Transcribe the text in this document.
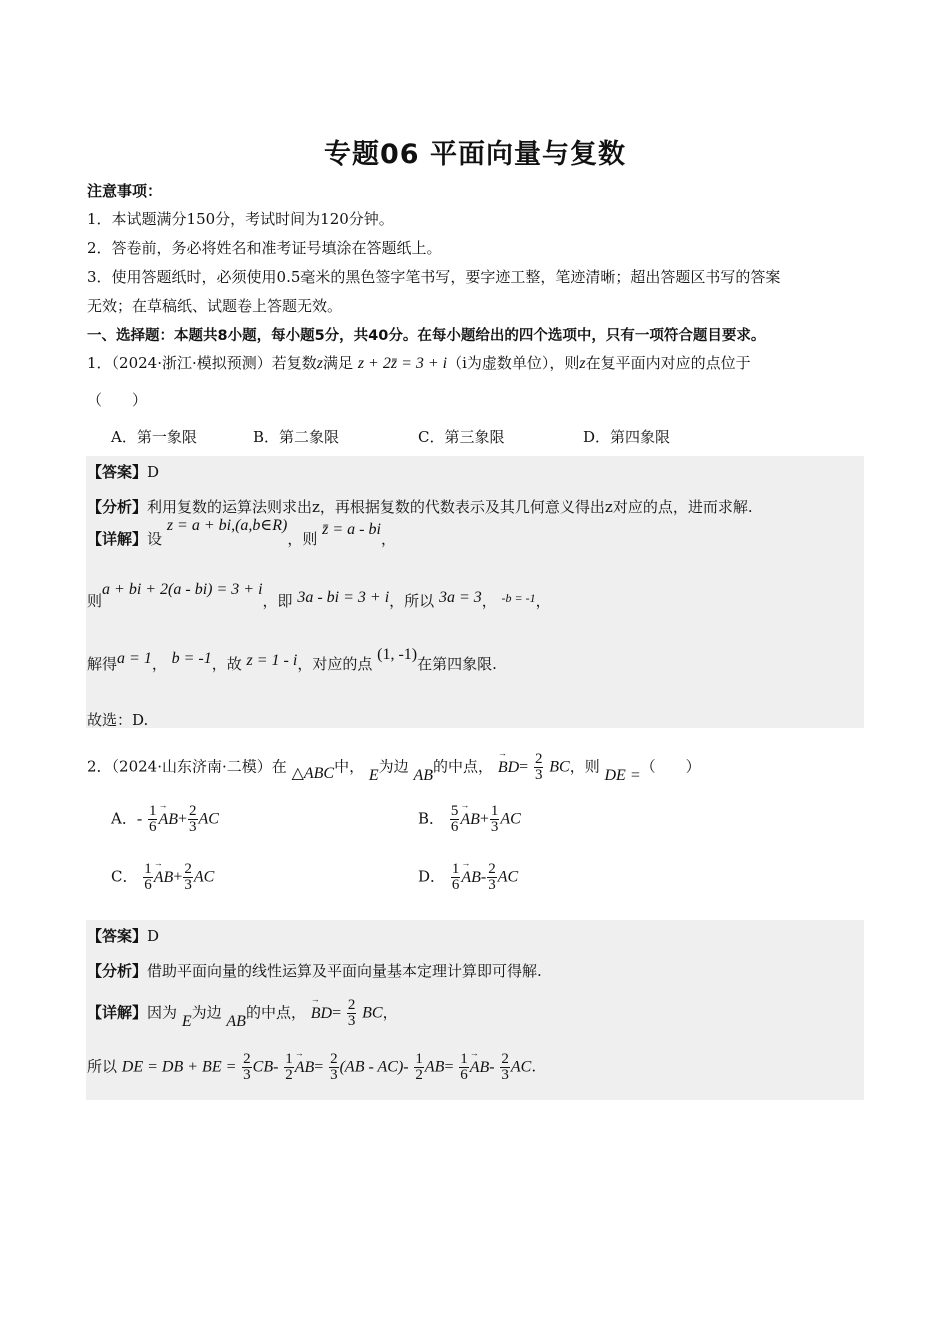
专题06 平面向量与复数
注意事项：
1．本试题满分150分，考试时间为120分钟。
2．答卷前，务必将姓名和准考证号填涂在答题纸上。
3．使用答题纸时，必须使用0.5毫米的黑色签字笔书写，要字迹工整，笔迹清晰；超出答题区书写的答案
无效；在草稿纸、试题卷上答题无效。
一、选择题：本题共8小题，每小题5分，共40分。在每小题给出的四个选项中，只有一项符合题目要求。
1．（2024·浙江·模拟预测）若复数z满足 z + 2z̄ = 3 + i（i为虚数单位），则z在复平面内对应的点位于
（　　）
A．第一象限	B．第二象限	C．第三象限	D．第四象限
【答案】D
【分析】利用复数的运算法则求出z，再根据复数的代数表示及其几何意义得出z对应的点，进而求解.
【详解】设 z = a + bi,(a,b∈R)，则 z̄ = a - bi，
则a + bi + 2(a - bi) = 3 + i，即 3a - bi = 3 + i，所以 3a = 3， $^{-b = -1}$，
解得a = 1， b = -1，故 z = 1 - i，对应的点 (1, -1)在第四象限.
故选：D.
2．（2024·山东济南·二模）在 △ABC中， E为边 AB的中点， → $BD= \frac{2}{3}$ BC，则 DE =（　　）
A．- $\frac{1}{6}$
→ $AB+ \frac{2}{3}$ AC	B． $\frac{5}{6}$
→ $AB+ \frac{1}{3}$ AC
C． $\frac{1}{6}$
→ $AB+ \frac{2}{3}$ AC	D． $\frac{1}{6}$
→ $AB- \frac{2}{3}$ AC
【答案】D
【分析】借助平面向量的线性运算及平面向量基本定理计算即可得解.
【详解】因为 E为边 AB的中点， → $BD= \frac{2}{3}$ BC，
所以 DE = DB + BE = $\frac{2}{3} CB- \frac{1}{2}$
→ $AB= \frac{2}{3} (AB - AC)- \frac{1}{2} AB= \frac{1}{6}$
→ $AB- \frac{2}{3}$ AC.
